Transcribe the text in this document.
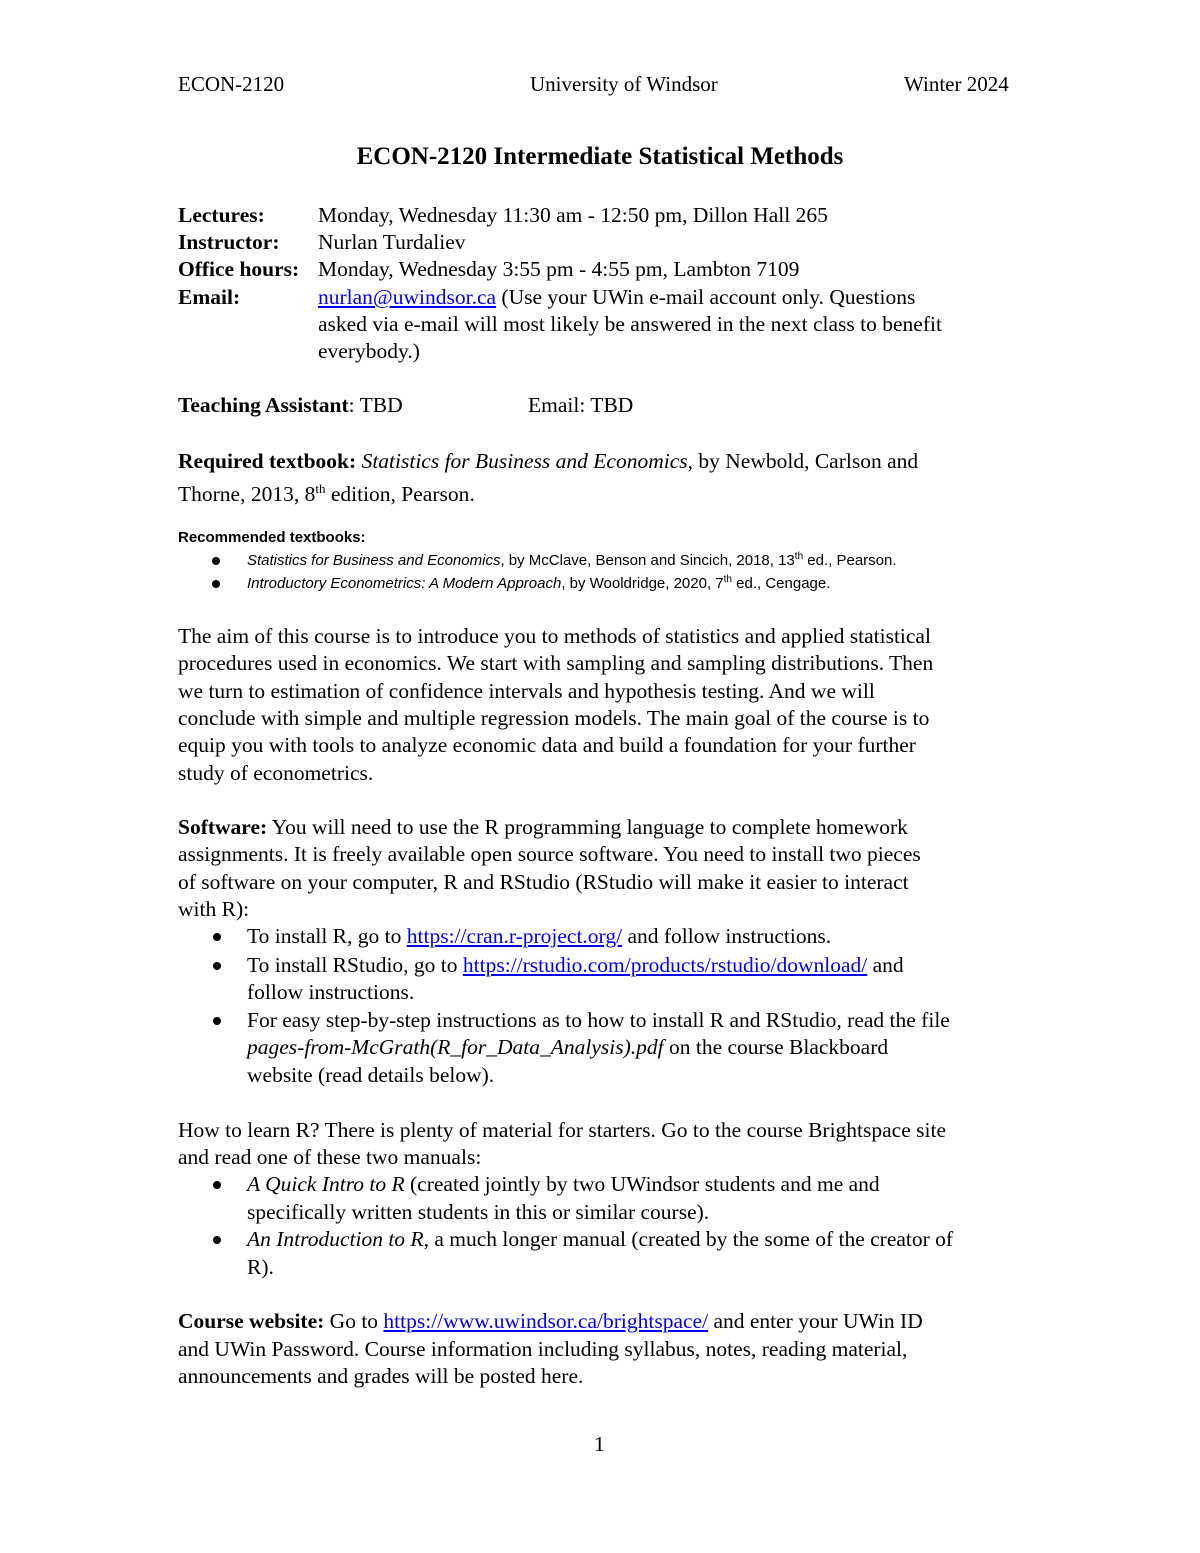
ECON-2120	University of Windsor	Winter 2024
ECON-2120 Intermediate Statistical Methods
Lectures: Monday, Wednesday 11:30 am - 12:50 pm, Dillon Hall 265
Instructor: Nurlan Turdaliev
Office hours: Monday, Wednesday 3:55 pm - 4:55 pm, Lambton 7109
Email:	nurlan@uwindsor.ca (Use your UWin e-mail account only. Questions
asked via e-mail will most likely be answered in the next class to benefit
everybody.)
Teaching Assistant: TBD	Email: TBD
Required textbook: Statistics for Business and Economics, by Newbold, Carlson and
Thorne, 2013, 8th edition, Pearson.
Recommended textbooks:
Statistics for Business and Economics, by McClave, Benson and Sincich, 2018, 13th ed., Pearson.
Introductory Econometrics: A Modern Approach, by Wooldridge, 2020, 7th ed., Cengage.
The aim of this course is to introduce you to methods of statistics and applied statistical
procedures used in economics. We start with sampling and sampling distributions. Then
we turn to estimation of confidence intervals and hypothesis testing. And we will
conclude with simple and multiple regression models. The main goal of the course is to
equip you with tools to analyze economic data and build a foundation for your further
study of econometrics.
Software: You will need to use the R programming language to complete homework
assignments. It is freely available open source software. You need to install two pieces
of software on your computer, R and RStudio (RStudio will make it easier to interact
with R):
To install R, go to https://cran.r-project.org/ and follow instructions.
To install RStudio, go to https://rstudio.com/products/rstudio/download/ and
follow instructions.
For easy step-by-step instructions as to how to install R and RStudio, read the file
pages-from-McGrath(R_for_Data_Analysis).pdf on the course Blackboard
website (read details below).
How to learn R? There is plenty of material for starters. Go to the course Brightspace site
and read one of these two manuals:
A Quick Intro to R (created jointly by two UWindsor students and me and
specifically written students in this or similar course).
An Introduction to R, a much longer manual (created by the some of the creator of
R).
Course website: Go to https://www.uwindsor.ca/brightspace/ and enter your UWin ID
and UWin Password. Course information including syllabus, notes, reading material,
announcements and grades will be posted here.
1
